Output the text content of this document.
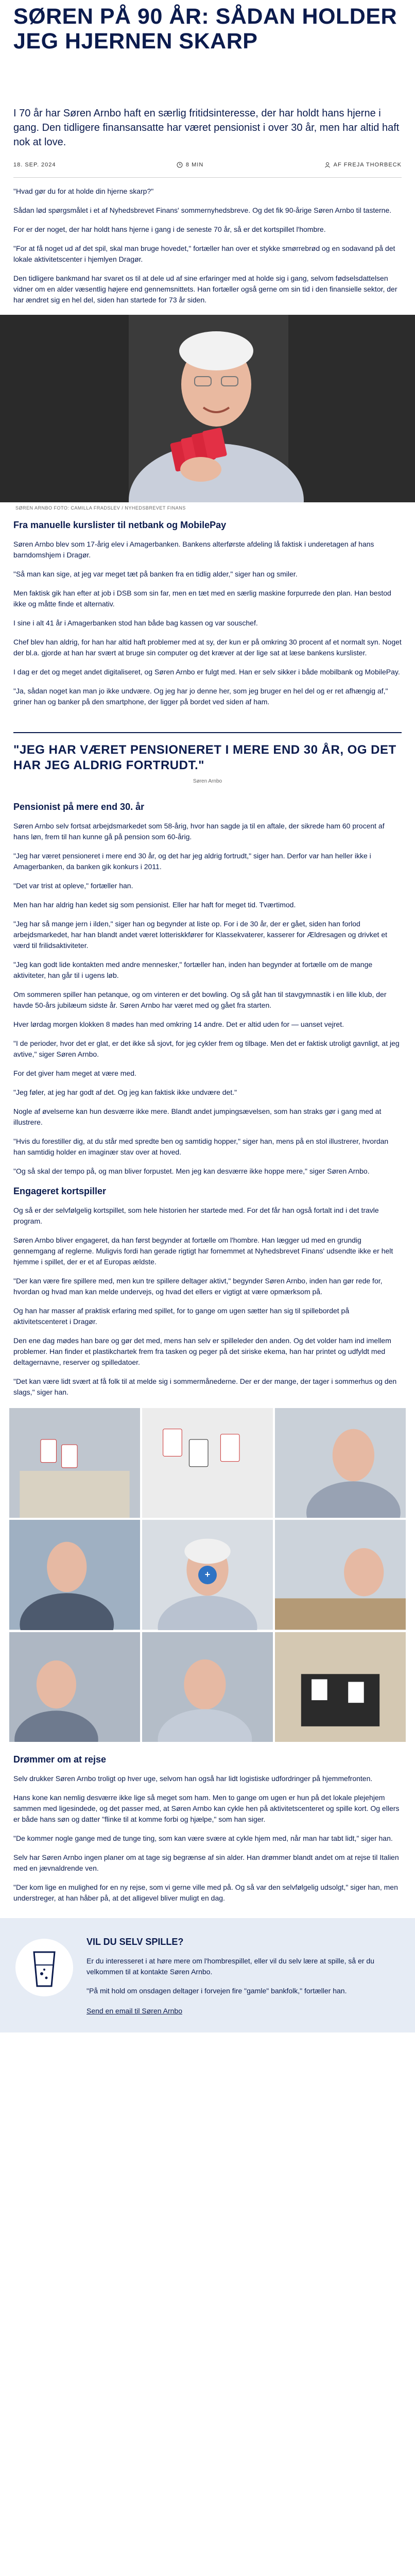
SØREN PÅ 90 ÅR: SÅDAN HOLDER JEG HJERNEN SKARP

I 70 år har Søren Arnbo haft en særlig fritidsinteresse, der har holdt hans hjerne i gang. Den tidligere finansansatte har været pensionist i over 30 år, men har altid haft nok at love.

18. SEP. 2024	8 MIN	AF FREJA THORBECK

"Hvad gør du for at holde din hjerne skarp?"

Sådan lød spørgsmålet i et af Nyhedsbrevet Finans' sommernyhedsbreve. Og det fik 90-årige Søren Arnbo til tasterne.

For er der noget, der har holdt hans hjerne i gang i de seneste 70 år, så er det kortspillet l'hombre.

"For at få noget ud af det spil, skal man bruge hovedet," fortæller han over et stykke smørrebrød og en sodavand på det lokale aktivitetscenter i hjemlyen Dragør.

Den tidligere bankmand har svaret os til at dele ud af sine erfaringer med at holde sig i gang, selvom fødselsdattelsen vidner om en alder væsentlig højere end gennemsnittets. Han fortæller også gerne om sin tid i den finansielle sektor, der har ændret sig en hel del, siden han startede for 73 år siden.

SØREN ARNBO FOTO: CAMILLA FRADSLEV / NYHEDSBREVET FINANS

Fra manuelle kurslister til netbank og MobilePay

Søren Arnbo blev som 17-årig elev i Amagerbanken. Bankens alterførste afdeling lå faktisk i underetagen af hans barndomshjem i Dragør.

"Så man kan sige, at jeg var meget tæt på banken fra en tidlig alder," siger han og smiler.

Men faktisk gik han efter at job i DSB som sin far, men en tæt med en særlig maskine forpurrede den plan. Han bestod ikke og måtte finde et alternativ.

I sine i alt 41 år i Amagerbanken stod han både bag kassen og var souschef.

Chef blev han aldrig, for han har altid haft problemer med at sy, der kun er på omkring 30 procent af et normalt syn. Noget der bl.a. gjorde at han har svært at bruge sin computer og det kræver at der lige sat at læse bankens kurslister.

I dag er det og meget andet digitaliseret, og Søren Arnbo er fulgt med. Han er selv sikker i både mobilbank og MobilePay.

"Ja, sådan noget kan man jo ikke undvære. Og jeg har jo denne her, som jeg bruger en hel del og er ret afhængig af," griner han og banker på den smartphone, der ligger på bordet ved siden af ham.

"JEG HAR VÆRET PENSIONERET I MERE END 30 ÅR, OG DET HAR JEG ALDRIG FORTRUDT."

Søren Arnbo

Pensionist på mere end 30. år

Søren Arnbo selv fortsat arbejdsmarkedet som 58-årig, hvor han sagde ja til en aftale, der sikrede ham 60 procent af hans løn, frem til han kunne gå på pension som 60-årig.

"Jeg har været pensioneret i mere end 30 år, og det har jeg aldrig fortrudt," siger han. Derfor var han heller ikke i Amagerbanken, da banken gik konkurs i 2011.

"Det var trist at opleve," fortæller han.

Men han har aldrig han kedet sig som pensionist. Eller har haft for meget tid. Tværtimod.

"Jeg har så mange jern i ilden," siger han og begynder at liste op. For i de 30 år, der er gået, siden han forlod arbejdsmarkedet, har han blandt andet været lotteriskkfører for Klassekvaterer, kasserer for Ældresagen og drivket et værd til frilidsaktiviteter.

"Jeg kan godt lide kontakten med andre mennesker," fortæller han, inden han begynder at fortælle om de mange aktiviteter, han går til i ugens løb.

Om sommeren spiller han petanque, og om vinteren er det bowling. Og så gåt han til stavgymnastik i en lille klub, der havde 50-års jubilæum sidste år. Søren Arnbo har været med og gået fra starten.

Hver lørdag morgen klokken 8 mødes han med omkring 14 andre. Det er altid uden for — uanset vejret.

"I de perioder, hvor det er glat, er det ikke så sjovt, for jeg cykler frem og tilbage. Men det er faktisk utroligt gavnligt, at jeg avtive," siger Søren Arnbo.

For det giver ham meget at være med.

"Jeg føler, at jeg har godt af det. Og jeg kan faktisk ikke undvære det."

Nogle af øvelserne kan hun desværre ikke mere. Blandt andet jumpingsævelsen, som han straks gør i gang med at illustrere.

"Hvis du forestiller dig, at du står med spredte ben og samtidig hopper," siger han, mens på en stol illustrerer, hvordan han samtidig holder en imaginær stav over at hoved.

"Og så skal der tempo på, og man bliver forpustet. Men jeg kan desværre ikke hoppe mere," siger Søren Arnbo.

Engageret kortspiller

Og så er der selvfølgelig kortspillet, som hele historien her startede med. For det får han også fortalt ind i det travle program.

Søren Arnbo bliver engageret, da han først begynder at fortælle om l'hombre. Han lægger ud med en grundig gennemgang af reglerne. Muligvis fordi han gerade rigtigt har fornemmet at Nyhedsbrevet Finans' udsendte ikke er helt hjemme i spillet, der er et af Europas ældste.

"Der kan være fire spillere med, men kun tre spillere deltager aktivt," begynder Søren Arnbo, inden han gør rede for, hvordan og hvad man kan melde undervejs, og hvad det ellers er vigtigt at være opmærksom på.

Og han har masser af praktisk erfaring med spillet, for to gange om ugen sætter han sig til spillebordet på aktivitetscenteret i Dragør.

Den ene dag mødes han bare og gør det med, mens han selv er spilleleder den anden. Og det volder ham ind imellem problemer. Han finder et plastikchartek frem fra tasken og peger på det siriske ekema, han har printet og udfyldt med deltagernavne, reserver og spilledatoer.

"Det kan være lidt svært at få folk til at melde sig i sommermånederne. Der er der mange, der tager i sommerhus og den slags," siger han.

+
Drømmer om at rejse

Selv drukker Søren Arnbo troligt op hver uge, selvom han også har lidt logistiske udfordringer på hjemmefronten.

Hans kone kan nemlig desværre ikke lige så meget som ham. Men to gange om ugen er hun på det lokale plejehjem sammen med ligesindede, og det passer med, at Søren Arnbo kan cykle hen på aktivitetscenteret og spille kort. Og ellers er både hans søn og datter "flinke til at komme forbi og hjælpe," som han siger.

"De kommer nogle gange med de tunge ting, som kan være svære at cykle hjem med, når man har tabt lidt," siger han.

Selv har Søren Arnbo ingen planer om at tage sig begrænse af sin alder. Han drømmer blandt andet om at rejse til Italien med en jævnaldrende ven.

"Der kom lige en mulighed for en ny rejse, som vi gerne ville med på. Og så var den selvfølgelig udsolgt," siger han, men understreger, at han håber på, at det alligevel bliver muligt en dag.

VIL DU SELV SPILLE?

Er du interesseret i at høre mere om l'hombrespillet, eller vil du selv lære at spille, så er du velkommen til at kontakte Søren Arnbo.

"På mit hold om onsdagen deltager i forvejen fire "gamle" bankfolk," fortæller han.

Send en email til Søren Arnbo
